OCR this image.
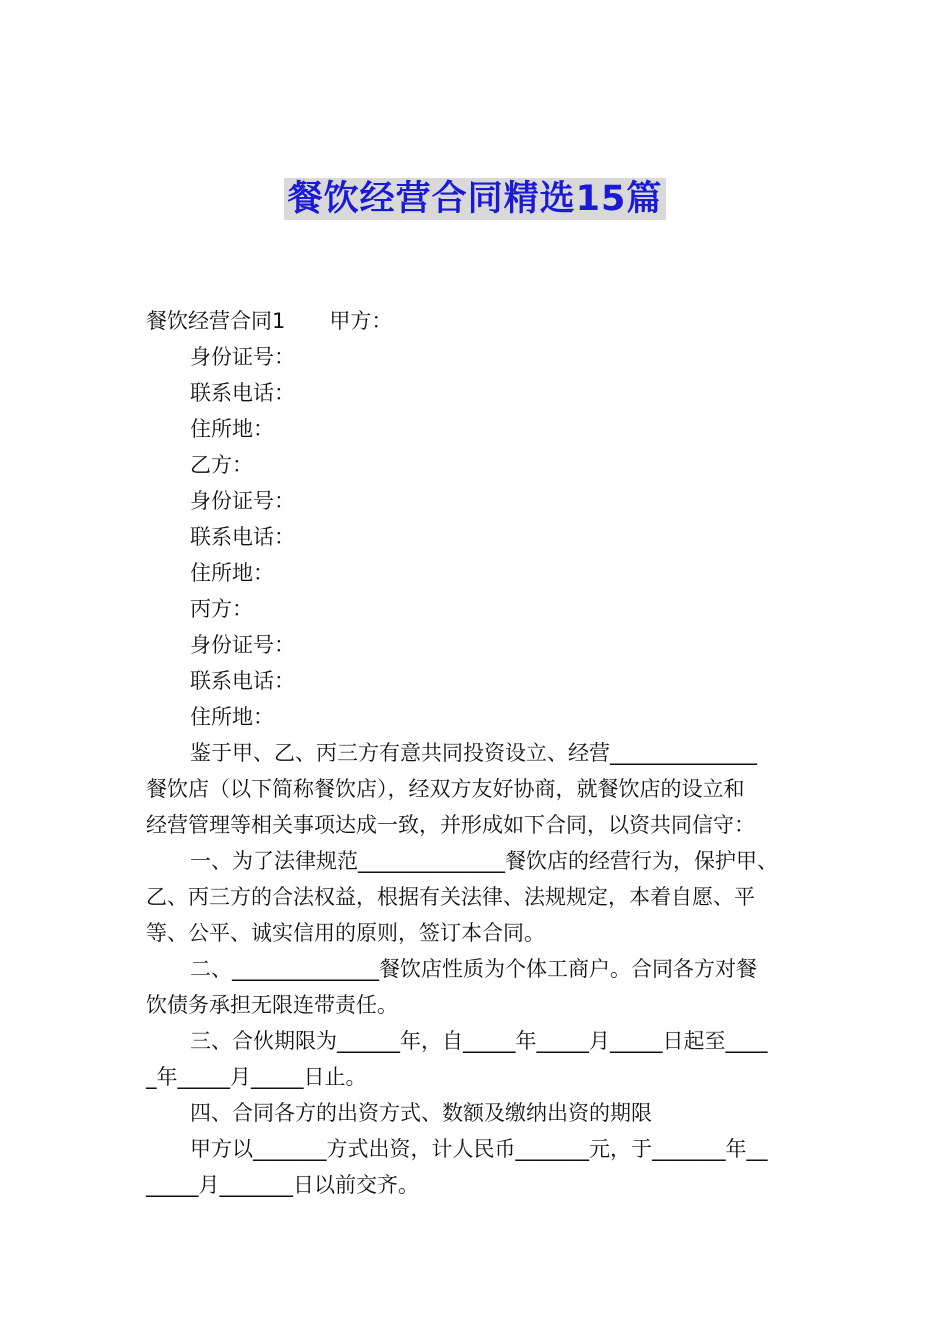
餐饮经营合同精选15篇
餐饮经营合同1 甲方：
身份证号：
联系电话：
住所地：
乙方：
身份证号：
联系电话：
住所地：
丙方：
身份证号：
联系电话：
住所地：
鉴于甲、乙、丙三方有意共同投资设立、经营______________
餐饮店（以下简称餐饮店），经双方友好协商，就餐饮店的设立和
经营管理等相关事项达成一致，并形成如下合同，以资共同信守：
一、为了法律规范______________餐饮店的经营行为，保护甲、
乙、丙三方的合法权益，根据有关法律、法规规定，本着自愿、平
等、公平、诚实信用的原则，签订本合同。
二、______________餐饮店性质为个体工商户。合同各方对餐
饮债务承担无限连带责任。
三、合伙期限为______年，自_____年_____月_____日起至____
_年_____月_____日止。
四、合同各方的出资方式、数额及缴纳出资的期限
甲方以_______方式出资，计人民币_______元，于_______年__
_____月_______日以前交齐。
